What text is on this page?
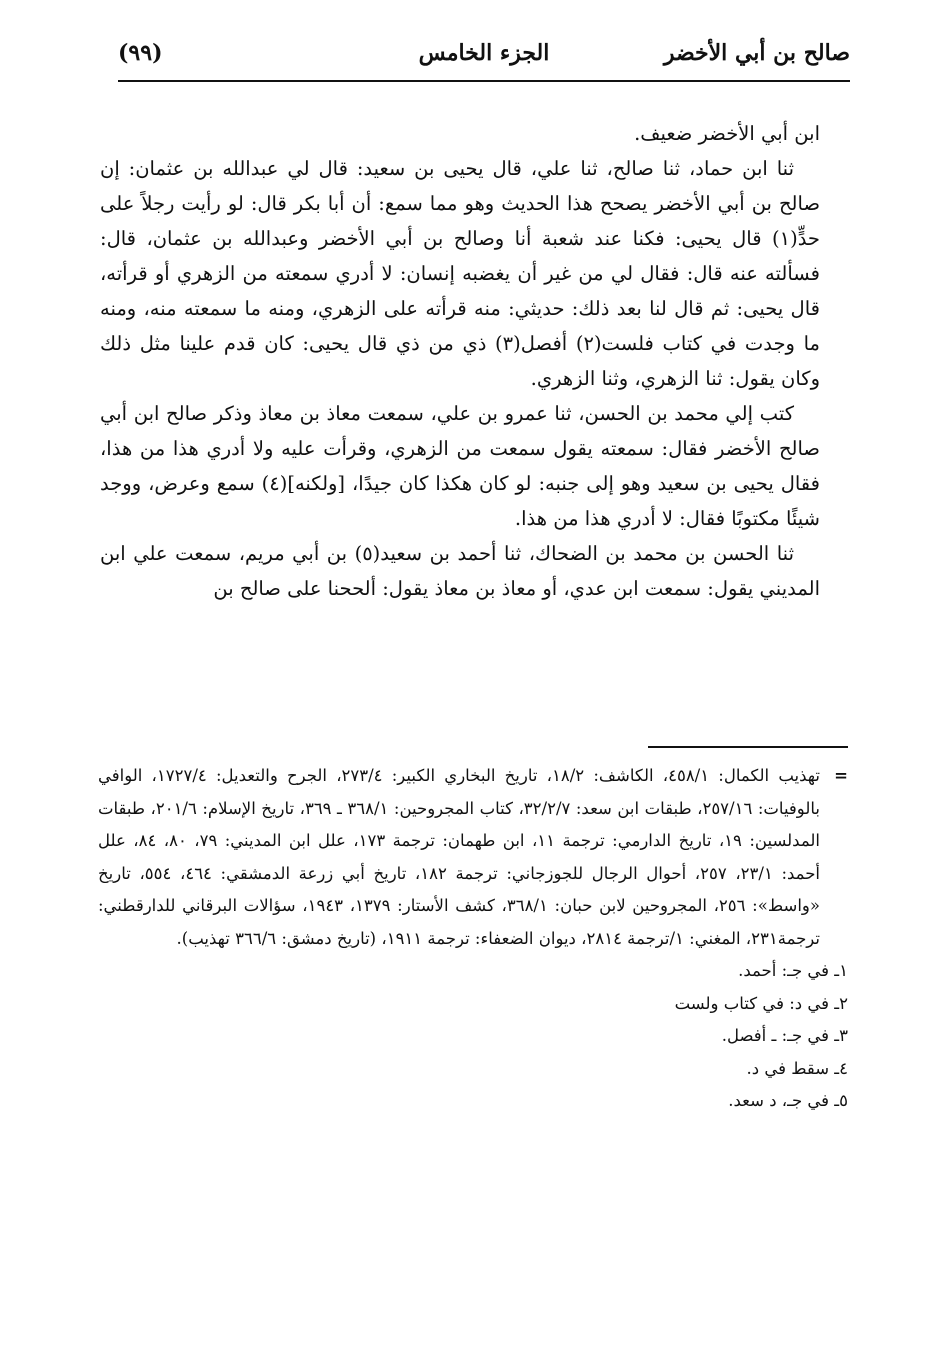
صالح بن أبي الأخضر
الجزء الخامس
(٩٩)

ابن أبي الأخضر ضعيف.

ثنا ابن حماد، ثنا صالح، ثنا علي، قال يحيى بن سعيد: قال لي عبدالله بن عثمان: إن صالح بن أبي الأخضر يصحح هذا الحديث وهو مما سمع: أن أبا بكر قال: لو رأيت رجلاً على حدٍّ(١) قال يحيى: فكنا عند شعبة أنا وصالح بن أبي الأخضر وعبدالله بن عثمان، قال: فسألته عنه قال: فقال لي من غير أن يغضبه إنسان: لا أدري سمعته من الزهري أو قرأته، قال يحيى: ثم قال لنا بعد ذلك: حديثي: منه قرأته على الزهري، ومنه ما سمعته منه، ومنه ما وجدت في كتاب فلست(٢) أفصل(٣) ذي من ذي قال يحيى: كان قدم علينا مثل ذلك وكان يقول: ثنا الزهري، وثنا الزهري.

كتب إلي محمد بن الحسن، ثنا عمرو بن علي، سمعت معاذ بن معاذ وذكر صالح ابن أبي صالح الأخضر فقال: سمعته يقول سمعت من الزهري، وقرأت عليه ولا أدري هذا من هذا، فقال يحيى بن سعيد وهو إلى جنبه: لو كان هكذا كان جيدًا، [ولكنه](٤) سمع وعرض، ووجد شيئًا مكتوبًا فقال: لا أدري هذا من هذا.

ثنا الحسن بن محمد بن الضحاك، ثنا أحمد بن سعيد(٥) بن أبي مريم، سمعت علي ابن المديني يقول: سمعت ابن عدي، أو معاذ بن معاذ يقول: ألححنا على صالح بن

=
تهذيب الكمال: ٤٥٨/١، الكاشف: ١٨/٢، تاريخ البخاري الكبير: ٢٧٣/٤، الجرح والتعديل: ١٧٢٧/٤، الوافي بالوفيات: ٢٥٧/١٦، طبقات ابن سعد: ٣٢/٢/٧، كتاب المجروحين: ٣٦٨/١ ـ ٣٦٩، تاريخ الإسلام: ٢٠١/٦، طبقات المدلسين: ١٩، تاريخ الدارمي: ترجمة ١١، ابن طهمان: ترجمة ١٧٣، علل ابن المديني: ٧٩، ٨٠، ٨٤، علل أحمد: ٢٣/١، ٢٥٧، أحوال الرجال للجوزجاني: ترجمة ١٨٢، تاريخ أبي زرعة الدمشقي: ٤٦٤، ٥٥٤، تاريخ «واسط»: ٢٥٦، المجروحين لابن حبان: ٣٦٨/١، كشف الأستار: ١٣٧٩، ١٩٤٣، سؤالات البرقاني للدارقطني: ترجمة٢٣١، المغني: ١/ترجمة ٢٨١٤، ديوان الضعفاء: ترجمة ١٩١١، (تاريخ دمشق: ٣٦٦/٦ تهذيب).

١ـ في جـ: أحمد.

٢ـ في د: في كتاب ولست

٣ـ في جـ: ـ أفصل.

٤ـ سقط في د.

٥ـ في جـ، د سعد.
